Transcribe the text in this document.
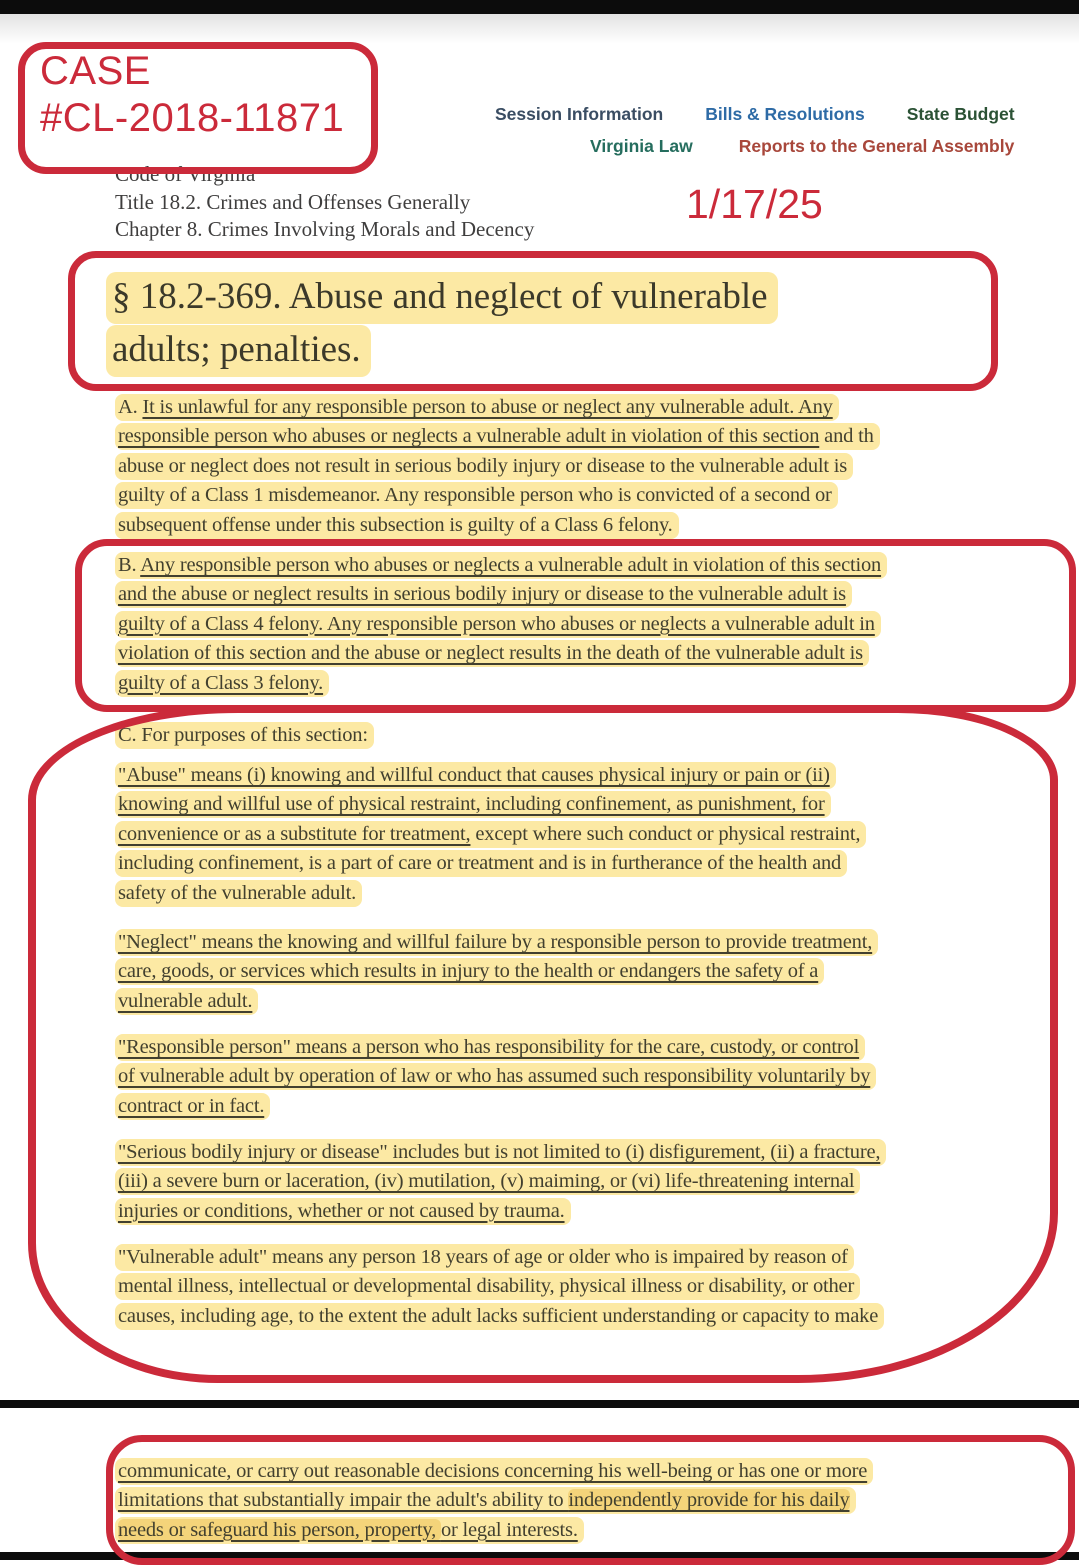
CASE
#CL-2018-11871	Session Information Bills & Resolutions State Budget
Virginia Law	Reports to the General Assembly
Code of Virginia
Title 18.2. Crimes and Offenses Generally
Chapter 8. Crimes Involving Morals and Decency
1/17/25
§ 18.2-369. Abuse and neglect of vulnerable
adults; penalties.
A. It is unlawful for any responsible person to abuse or neglect any vulnerable adult. Any
responsible person who abuses or neglects a vulnerable adult in violation of this section and th
abuse or neglect does not result in serious bodily injury or disease to the vulnerable adult is
guilty of a Class 1 misdemeanor. Any responsible person who is convicted of a second or
subsequent offense under this subsection is guilty of a Class 6 felony.
B. Any responsible person who abuses or neglects a vulnerable adult in violation of this section
and the abuse or neglect results in serious bodily injury or disease to the vulnerable adult is
guilty of a Class 4 felony. Any responsible person who abuses or neglects a vulnerable adult in
violation of this section and the abuse or neglect results in the death of the vulnerable adult is
guilty of a Class 3 felony.
C. For purposes of this section:
"Abuse" means (i) knowing and willful conduct that causes physical injury or pain or (ii)
knowing and willful use of physical restraint, including confinement, as punishment, for
convenience or as a substitute for treatment, except where such conduct or physical restraint,
including confinement, is a part of care or treatment and is in furtherance of the health and
safety of the vulnerable adult.
"Neglect" means the knowing and willful failure by a responsible person to provide treatment,
care, goods, or services which results in injury to the health or endangers the safety of a
vulnerable adult.
"Responsible person" means a person who has responsibility for the care, custody, or control
of vulnerable adult by operation of law or who has assumed such responsibility voluntarily by
contract or in fact.
"Serious bodily injury or disease" includes but is not limited to (i) disfigurement, (ii) a fracture,
(iii) a severe burn or laceration, (iv) mutilation, (v) maiming, or (vi) life-threatening internal
injuries or conditions, whether or not caused by trauma.
"Vulnerable adult" means any person 18 years of age or older who is impaired by reason of
mental illness, intellectual or developmental disability, physical illness or disability, or other
causes, including age, to the extent the adult lacks sufficient understanding or capacity to make
communicate, or carry out reasonable decisions concerning his well-being or has one or more
limitations that substantially impair the adult's ability to independently provide for his daily
needs or safeguard his person, property, or legal interests.
